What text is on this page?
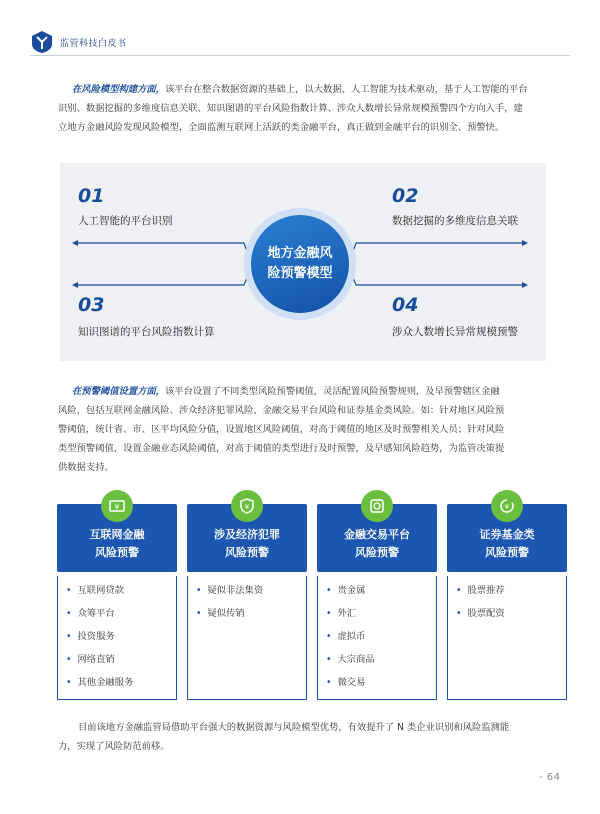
监管科技白皮书
在风险模型构建方面，该平台在整合数据资源的基础上，以大数据、人工智能为技术驱动，基于人工智能的平台
识别、数据挖掘的多维度信息关联、知识图谱的平台风险指数计算、涉众人数增长异常规模预警四个方向入手，建
立地方金融风险发现风险模型，全面监测互联网上活跃的类金融平台，真正做到金融平台的识别全、预警快。
01
人工智能的平台识别
02
数据挖掘的多维度信息关联
03
知识图谱的平台风险指数计算
04
涉众人数增长异常规模预警
地方金融风险预警模型
在预警阈值设置方面，该平台设置了不同类型风险预警阈值，灵活配置风险预警规则，及早预警辖区金融
风险，包括互联网金融风险、涉众经济犯罪风险、金融交易平台风险和证券基金类风险。如：针对地区风险预
警阈值，统计省、市、区平均风险分值，设置地区风险阈值，对高于阈值的地区及时预警相关人员；针对风险
类型预警阈值，设置金融业态风险阈值，对高于阈值的类型进行及时预警，及早感知风险趋势，为监管决策提
供数据支持。
互联网金融
风险预警
¥
• 互联网贷款
• 众筹平台
• 投资服务
• 网络直销
• 其他金融服务
涉及经济犯罪
风险预警
¥
• 疑似非法集资
• 疑似传销
金融交易平台
风险预警
• 贵金属
• 外汇
• 虚拟币
• 大宗商品
• 微交易
证券基金类
风险预警
¥
• 股票推荐
• 股票配资
目前该地方金融监管局借助平台强大的数据资源与风险模型优势，有效提升了 N 类企业识别和风险监测能
力，实现了风险防范前移。
- 64
